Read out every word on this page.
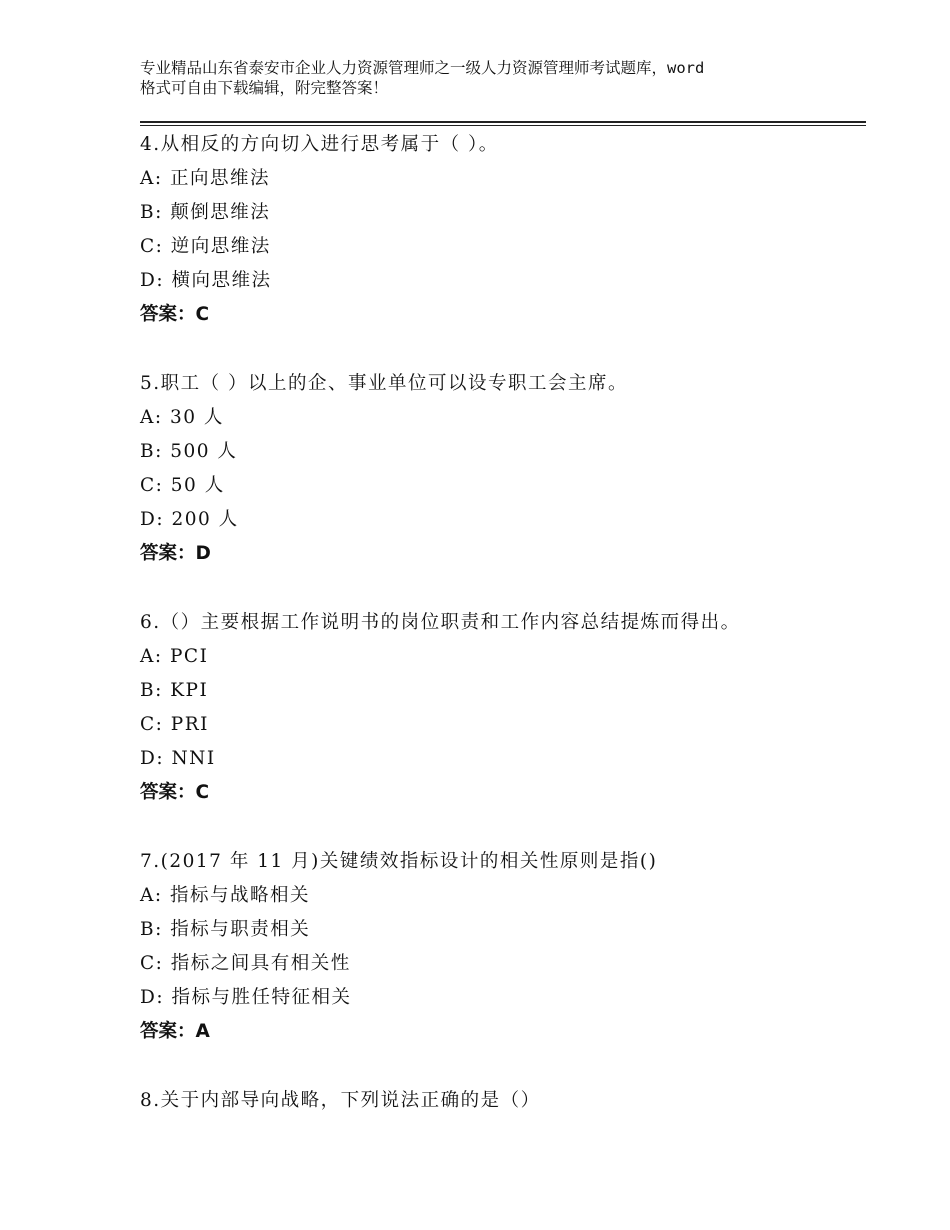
专业精品山东省泰安市企业人力资源管理师之一级人力资源管理师考试题库，word
格式可自由下载编辑，附完整答案！
4.从相反的方向切入进行思考属于（ ）。
A: 正向思维法
B: 颠倒思维法
C: 逆向思维法
D: 横向思维法
答案：C
5.职工（ ）以上的企、事业单位可以设专职工会主席。
A: 30 人
B: 500 人
C: 50 人
D: 200 人
答案：D
6.（）主要根据工作说明书的岗位职责和工作内容总结提炼而得出。
A: PCI
B: KPI
C: PRI
D: NNI
答案：C
7.(2017 年 11 月)关键绩效指标设计的相关性原则是指()
A: 指标与战略相关
B: 指标与职责相关
C: 指标之间具有相关性
D: 指标与胜任特征相关
答案：A
8.关于内部导向战略，下列说法正确的是（）
